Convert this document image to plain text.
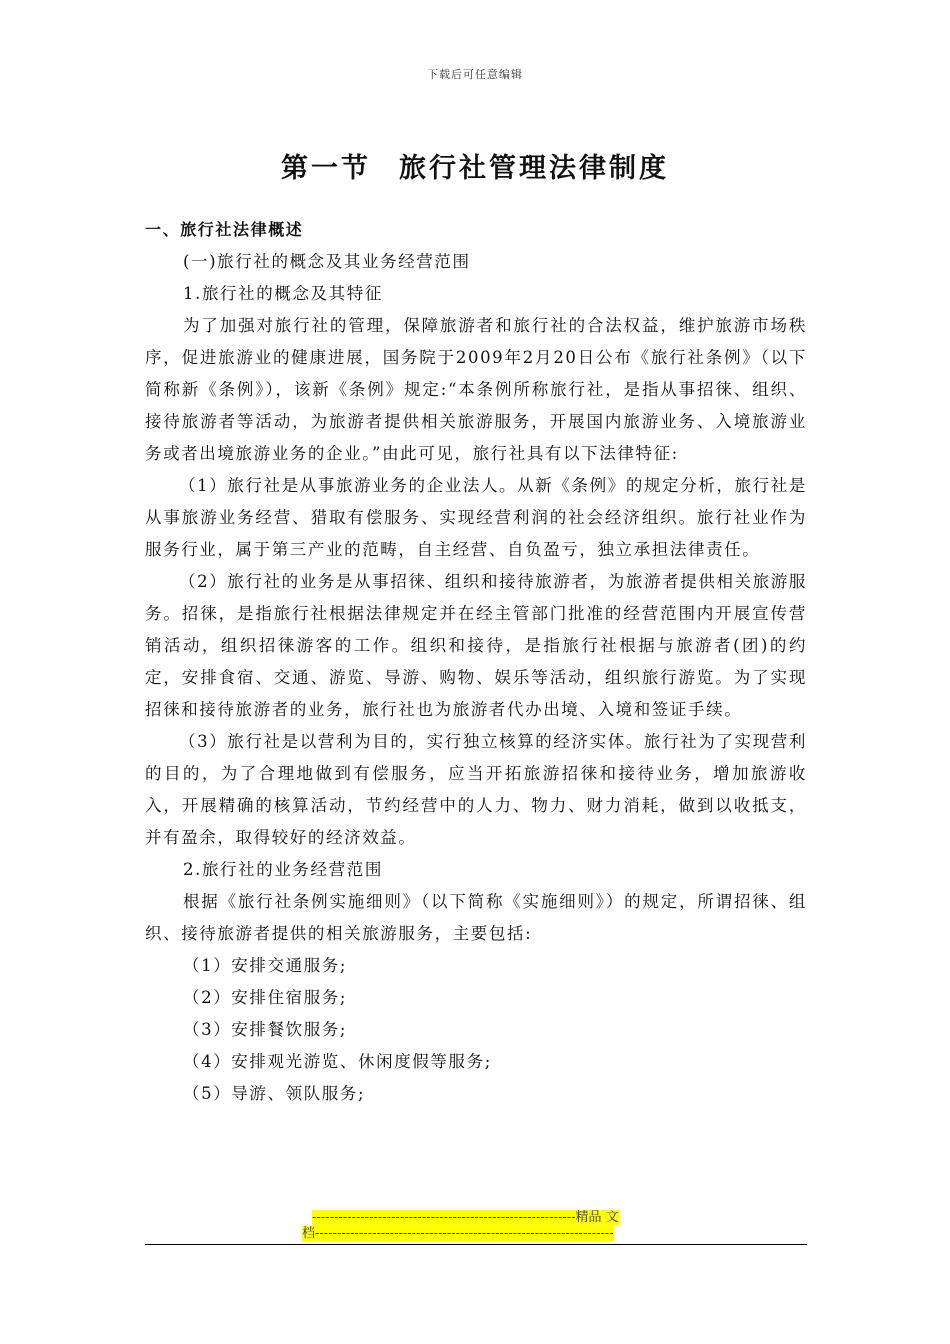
下载后可任意编辑
第一节 旅行社管理法律制度

一、旅行社法律概述

(一)旅行社的概念及其业务经营范围

1.旅行社的概念及其特征

为了加强对旅行社的管理，保障旅游者和旅行社的合法权益，维护旅游市场秩序，促进旅游业的健康进展，国务院于2009年2月20日公布《旅行社条例》（以下简称新《条例》），该新《条例》规定:“本条例所称旅行社，是指从事招徕、组织、接待旅游者等活动，为旅游者提供相关旅游服务，开展国内旅游业务、入境旅游业务或者出境旅游业务的企业。”由此可见，旅行社具有以下法律特征:

（1）旅行社是从事旅游业务的企业法人。从新《条例》的规定分析，旅行社是从事旅游业务经营、猎取有偿服务、实现经营利润的社会经济组织。旅行社业作为服务行业，属于第三产业的范畴，自主经营、自负盈亏，独立承担法律责任。

（2）旅行社的业务是从事招徕、组织和接待旅游者，为旅游者提供相关旅游服务。招徕，是指旅行社根据法律规定并在经主管部门批准的经营范围内开展宣传营销活动，组织招徕游客的工作。组织和接待，是指旅行社根据与旅游者(团)的约定，安排食宿、交通、游览、导游、购物、娱乐等活动，组织旅行游览。为了实现招徕和接待旅游者的业务，旅行社也为旅游者代办出境、入境和签证手续。

（3）旅行社是以营利为目的，实行独立核算的经济实体。旅行社为了实现营利的目的，为了合理地做到有偿服务，应当开拓旅游招徕和接待业务，增加旅游收入，开展精确的核算活动，节约经营中的人力、物力、财力消耗，做到以收抵支，并有盈余，取得较好的经济效益。

2.旅行社的业务经营范围

根据《旅行社条例实施细则》（以下简称《实施细则》）的规定，所谓招徕、组织、接待旅游者提供的相关旅游服务，主要包括:

（1）安排交通服务;

（2）安排住宿服务;

（3）安排餐饮服务;

（4）安排观光游览、休闲度假等服务;

（5）导游、领队服务;

------------------------------------------------------------精品 文
档--------------------------------------------------------------------
